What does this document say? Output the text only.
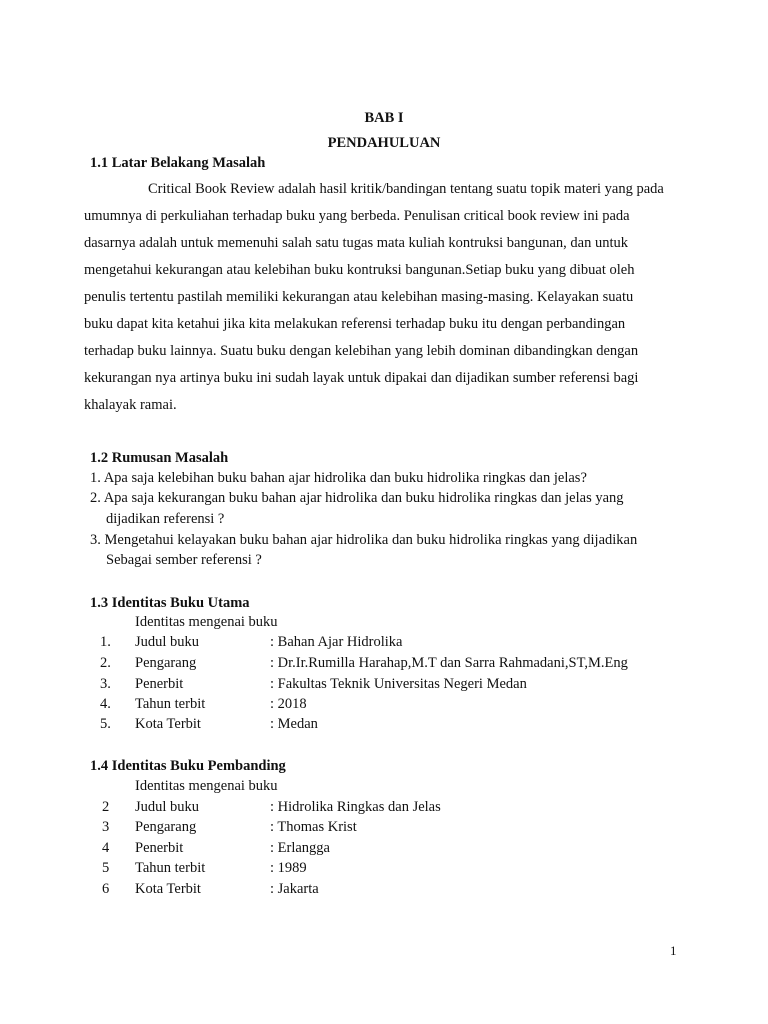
BAB I
PENDAHULUAN
1.1 Latar Belakang Masalah
Critical Book Review adalah hasil kritik/bandingan tentang suatu topik materi yang pada
umumnya di perkuliahan terhadap buku yang berbeda. Penulisan critical book review ini pada
dasarnya adalah untuk memenuhi salah satu tugas mata kuliah kontruksi bangunan, dan untuk
mengetahui kekurangan atau kelebihan buku kontruksi bangunan.Setiap buku yang dibuat oleh
penulis tertentu pastilah memiliki kekurangan atau kelebihan masing-masing. Kelayakan suatu
buku dapat kita ketahui jika kita melakukan referensi terhadap buku itu dengan perbandingan
terhadap buku lainnya. Suatu buku dengan kelebihan yang lebih dominan dibandingkan dengan
kekurangan nya artinya buku ini sudah layak untuk dipakai dan dijadikan sumber referensi bagi
khalayak ramai.
1.2 Rumusan Masalah
1. Apa saja kelebihan buku bahan ajar hidrolika dan buku hidrolika ringkas dan jelas?
2. Apa saja kekurangan buku bahan ajar hidrolika dan buku hidrolika ringkas dan jelas yang
dijadikan referensi ?
3. Mengetahui kelayakan buku bahan ajar hidrolika dan buku hidrolika ringkas yang dijadikan
Sebagai sember referensi ?
1.3 Identitas Buku Utama
Identitas mengenai buku
1. Judul buku	: Bahan Ajar Hidrolika
2. Pengarang	: Dr.Ir.Rumilla Harahap,M.T dan Sarra Rahmadani,ST,M.Eng
3. Penerbit	: Fakultas Teknik Universitas Negeri Medan
4. Tahun terbit	: 2018
5. Kota Terbit	: Medan
1.4 Identitas Buku Pembanding
Identitas mengenai buku
2 Judul buku	: Hidrolika Ringkas dan Jelas
3 Pengarang	: Thomas Krist
4 Penerbit	: Erlangga
5 Tahun terbit	: 1989
6 Kota Terbit	: Jakarta
1
